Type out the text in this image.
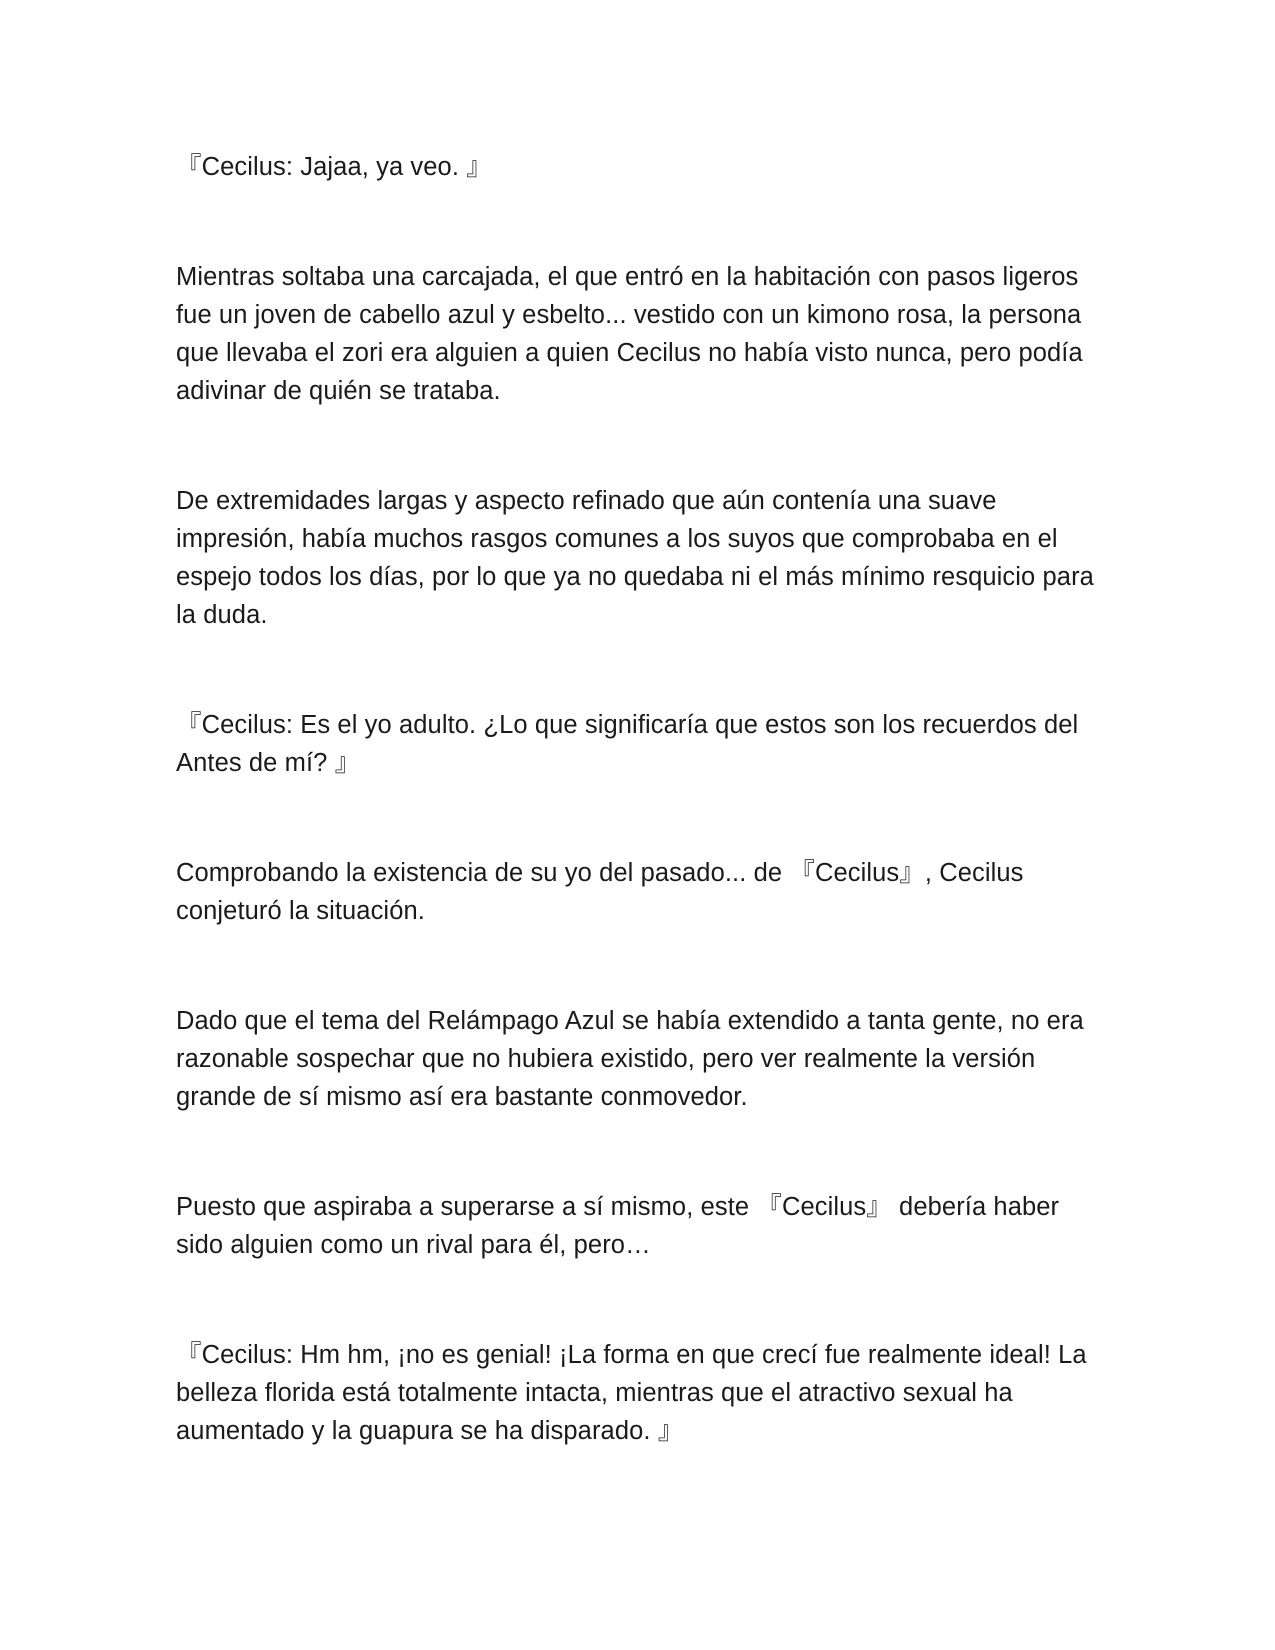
『Cecilus: Jajaa, ya veo. 』

Mientras soltaba una carcajada, el que entró en la habitación con pasos ligeros fue un joven de cabello azul y esbelto... vestido con un kimono rosa, la persona que llevaba el zori era alguien a quien Cecilus no había visto nunca, pero podía adivinar de quién se trataba.

De extremidades largas y aspecto refinado que aún contenía una suave impresión, había muchos rasgos comunes a los suyos que comprobaba en el espejo todos los días, por lo que ya no quedaba ni el más mínimo resquicio para la duda.

『Cecilus: Es el yo adulto. ¿Lo que significaría que estos son los recuerdos del Antes de mí? 』

Comprobando la existencia de su yo del pasado... de 『Cecilus』, Cecilus conjeturó la situación.

Dado que el tema del Relámpago Azul se había extendido a tanta gente, no era razonable sospechar que no hubiera existido, pero ver realmente la versión grande de sí mismo así era bastante conmovedor.

Puesto que aspiraba a superarse a sí mismo, este 『Cecilus』 debería haber sido alguien como un rival para él, pero…

『Cecilus: Hm hm, ¡no es genial! ¡La forma en que crecí fue realmente ideal! La belleza florida está totalmente intacta, mientras que el atractivo sexual ha aumentado y la guapura se ha disparado. 』
